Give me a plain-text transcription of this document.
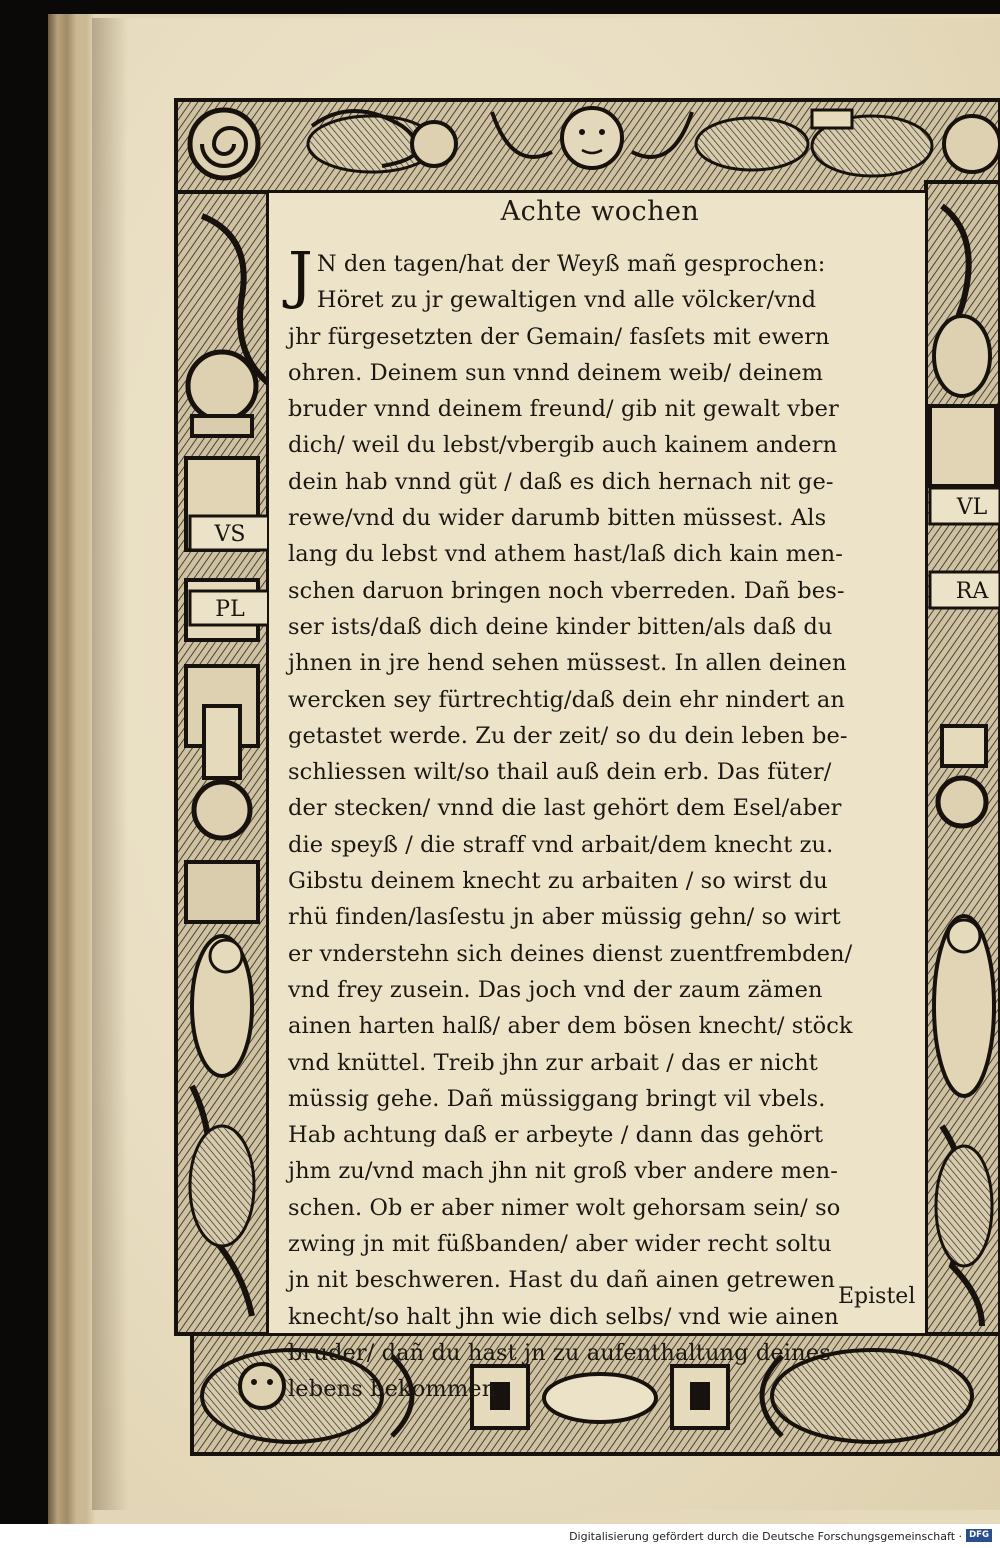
VS
PL
VL
RA
Achte wochen
J N den tagen/hat der Weyß mañ gesprochen:
Höret zu jr gewaltigen vnd alle völcker/vnd
jhr fürgesetzten der Gemain/ fasſets mit ewern
ohren. Deinem sun vnnd deinem weib/ deinem
bruder vnnd deinem freund/ gib nit gewalt vber
dich/ weil du lebst/vbergib auch kainem andern
dein hab vnnd güt / daß es dich hernach nit ge-
rewe/vnd du wider darumb bitten müssest. Als
lang du lebst vnd athem hast/laß dich kain men-
schen daruon bringen noch vberreden. Dañ bes-
ser ists/daß dich deine kinder bitten/als daß du
jhnen in jre hend sehen müssest. In allen deinen
wercken sey fürtrechtig/daß dein ehr nindert an
getastet werde. Zu der zeit/ so du dein leben be-
schliessen wilt/so thail auß dein erb. Das füter/
der stecken/ vnnd die last gehört dem Esel/aber
die speyß / die straff vnd arbait/dem knecht zu.
Gibstu deinem knecht zu arbaiten / so wirst du
rhü finden/lasſestu jn aber müssig gehn/ so wirt
er vnderstehn sich deines dienst zuentfrembden/
vnd frey zusein. Das joch vnd der zaum zämen
ainen harten halß/ aber dem bösen knecht/ stöck
vnd knüttel. Treib jhn zur arbait / das er nicht
müssig gehe. Dañ müssiggang bringt vil vbels.
Hab achtung daß er arbeyte / dann das gehört
jhm zu/vnd mach jhn nit groß vber andere men-
schen. Ob er aber nimer wolt gehorsam sein/ so
zwing jn mit füßbanden/ aber wider recht soltu
jn nit beschweren. Hast du dañ ainen getrewen
knecht/so halt jhn wie dich selbs/ vnd wie ainen
bruder/ dañ du hast jn zu aufenthaltung deines
lebens bekommen
Epistel
Digitalisierung gefördert durch die Deutsche Forschungsgemeinschaft · DFG
